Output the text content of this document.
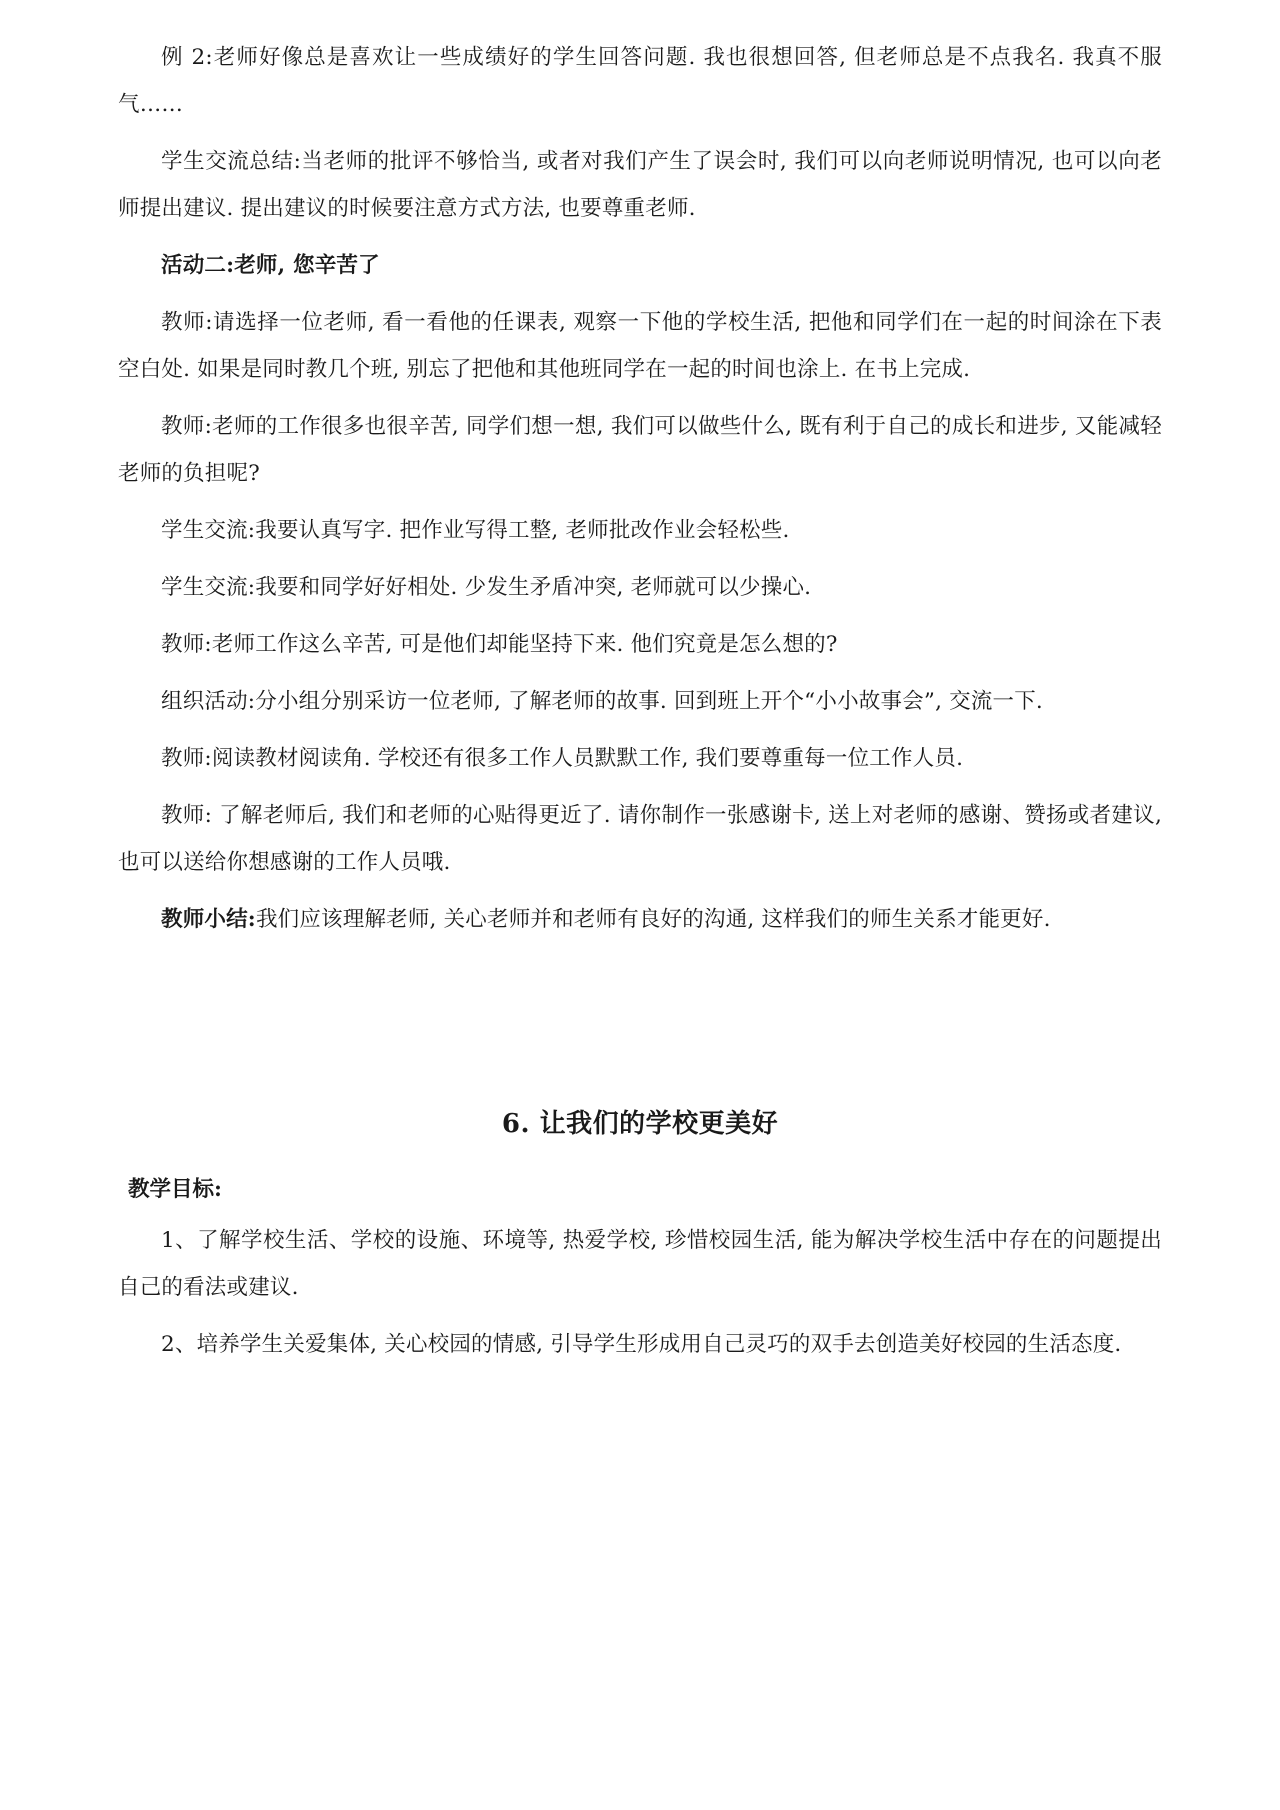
例 2:老师好像总是喜欢让一些成绩好的学生回答问题. 我也很想回答, 但老师总是不点我名. 我真不服气……

学生交流总结:当老师的批评不够恰当, 或者对我们产生了误会时, 我们可以向老师说明情况, 也可以向老师提出建议. 提出建议的时候要注意方式方法, 也要尊重老师.

活动二:老师, 您辛苦了

教师:请选择一位老师, 看一看他的任课表, 观察一下他的学校生活, 把他和同学们在一起的时间涂在下表空白处. 如果是同时教几个班, 别忘了把他和其他班同学在一起的时间也涂上. 在书上完成.

教师:老师的工作很多也很辛苦, 同学们想一想, 我们可以做些什么, 既有利于自己的成长和进步, 又能减轻老师的负担呢?

学生交流:我要认真写字. 把作业写得工整, 老师批改作业会轻松些.

学生交流:我要和同学好好相处. 少发生矛盾冲突, 老师就可以少操心.

教师:老师工作这么辛苦, 可是他们却能坚持下来. 他们究竟是怎么想的?

组织活动:分小组分别采访一位老师, 了解老师的故事. 回到班上开个“小小故事会”, 交流一下.

教师:阅读教材阅读角. 学校还有很多工作人员默默工作, 我们要尊重每一位工作人员.

教师: 了解老师后, 我们和老师的心贴得更近了. 请你制作一张感谢卡, 送上对老师的感谢、赞扬或者建议, 也可以送给你想感谢的工作人员哦.

教师小结:我们应该理解老师, 关心老师并和老师有良好的沟通, 这样我们的师生关系才能更好.

6. 让我们的学校更美好

教学目标:

1、了解学校生活、学校的设施、环境等, 热爱学校, 珍惜校园生活, 能为解决学校生活中存在的问题提出自己的看法或建议.

2、培养学生关爱集体, 关心校园的情感, 引导学生形成用自己灵巧的双手去创造美好校园的生活态度.
